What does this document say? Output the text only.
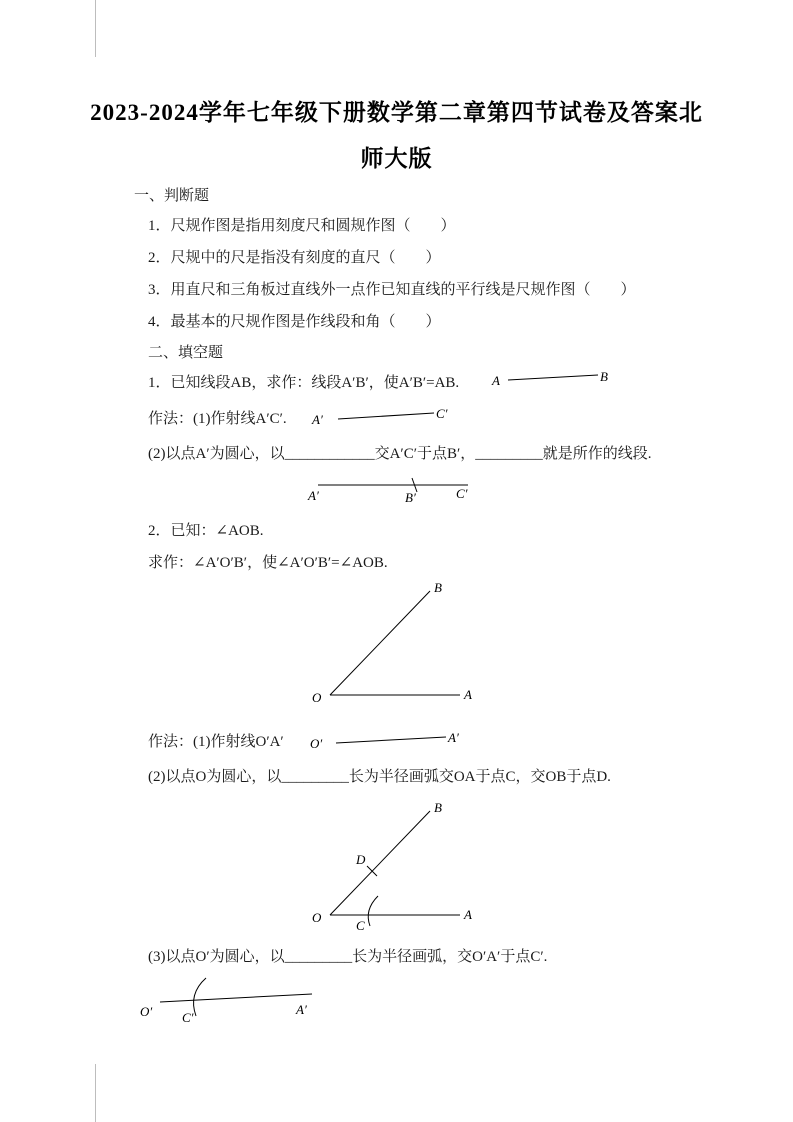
2023-2024学年七年级下册数学第二章第四节试卷及答案北
师大版
一、判断题
1．尺规作图是指用刻度尺和圆规作图（　　）
2．尺规中的尺是指没有刻度的直尺（　　）
3．用直尺和三角板过直线外一点作已知直线的平行线是尺规作图（　　）
4．最基本的尺规作图是作线段和角（　　）
二、填空题
1．已知线段AB，求作：线段A′B′，使A′B′=AB.	A	B
作法：(1)作射线A′C′. A′	C′
(2)以点A′为圆心，以____________交A′C′于点B′，_________就是所作的线段.
A′	B′	C′
2．已知：∠AOB.
求作：∠A′O′B′，使∠A′O′B′=∠AOB.
B
O	A
作法：(1)作射线O′A′ O′	A′
(2)以点O为圆心，以_________长为半径画弧交OA于点C，交OB于点D.
B
D
O
C
A
(3)以点O′为圆心，以_________长为半径画弧，交O′A′于点C′.
O′ C′
A′
